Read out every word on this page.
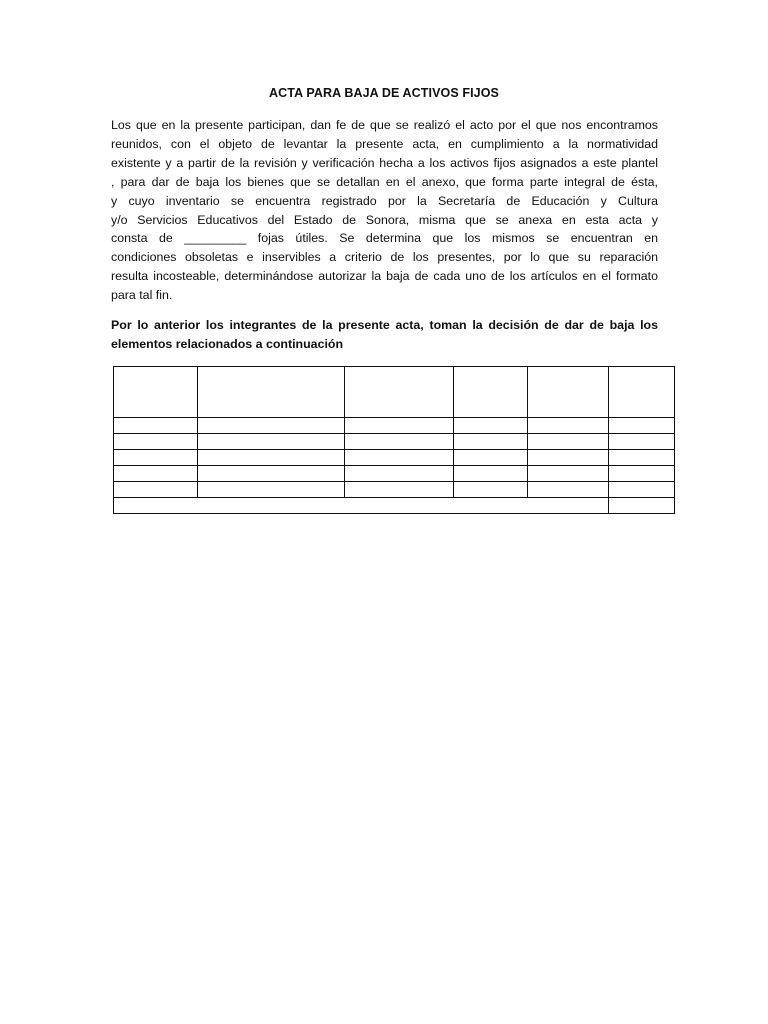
ACTA PARA BAJA DE ACTIVOS FIJOS
Los que en la presente participan, dan fe de que se realizó el acto por el que nos encontramos
reunidos, con el objeto de levantar la presente acta, en cumplimiento a la normatividad
existente y a partir de la revisión y verificación hecha a los activos fijos asignados a este plantel
, para dar de baja los bienes que se detallan en el anexo, que forma parte integral de ésta,
y cuyo inventario se encuentra registrado por la Secretaría de Educación y Cultura
y/o Servicios Educativos del Estado de Sonora, misma que se anexa en esta acta y
consta de _________ fojas útiles. Se determina que los mismos se encuentran en
condiciones obsoletas e inservibles a criterio de los presentes, por lo que su reparación
resulta incosteable, determinándose autorizar la baja de cada uno de los artículos en el formato
para tal fin.
Por lo anterior los integrantes de la presente acta, toman la decisión de dar de baja los
elementos relacionados a continuación
